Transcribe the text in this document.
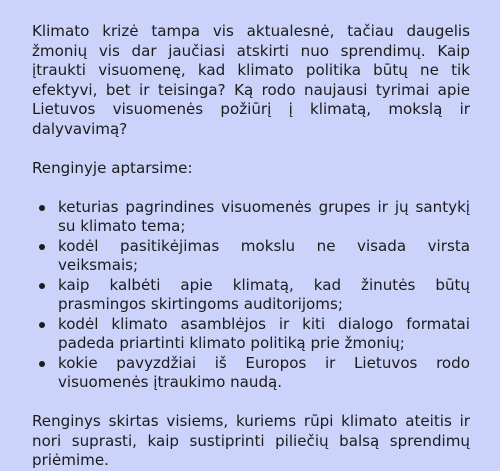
Klimato krizė tampa vis aktualesnė, tačiau daugelis žmonių vis dar jaučiasi atskirti nuo sprendimų. Kaip įtraukti visuomenę, kad klimato politika būtų ne tik efektyvi, bet ir teisinga? Ką rodo naujausi tyrimai apie Lietuvos visuomenės požiūrį į klimatą, mokslą ir dalyvavimą?

Renginyje aptarsime:

keturias pagrindines visuomenės grupes ir jų santykį su klimato tema;
kodėl pasitikėjimas mokslu ne visada virsta veiksmais;
kaip kalbėti apie klimatą, kad žinutės būtų prasmingos skirtingoms auditorijoms;
kodėl klimato asamblėjos ir kiti dialogo formatai padeda priartinti klimato politiką prie žmonių;
kokie pavyzdžiai iš Europos ir Lietuvos rodo visuomenės įtraukimo naudą.

Renginys skirtas visiems, kuriems rūpi klimato ateitis ir nori suprasti, kaip sustiprinti piliečių balsą sprendimų priėmime.
